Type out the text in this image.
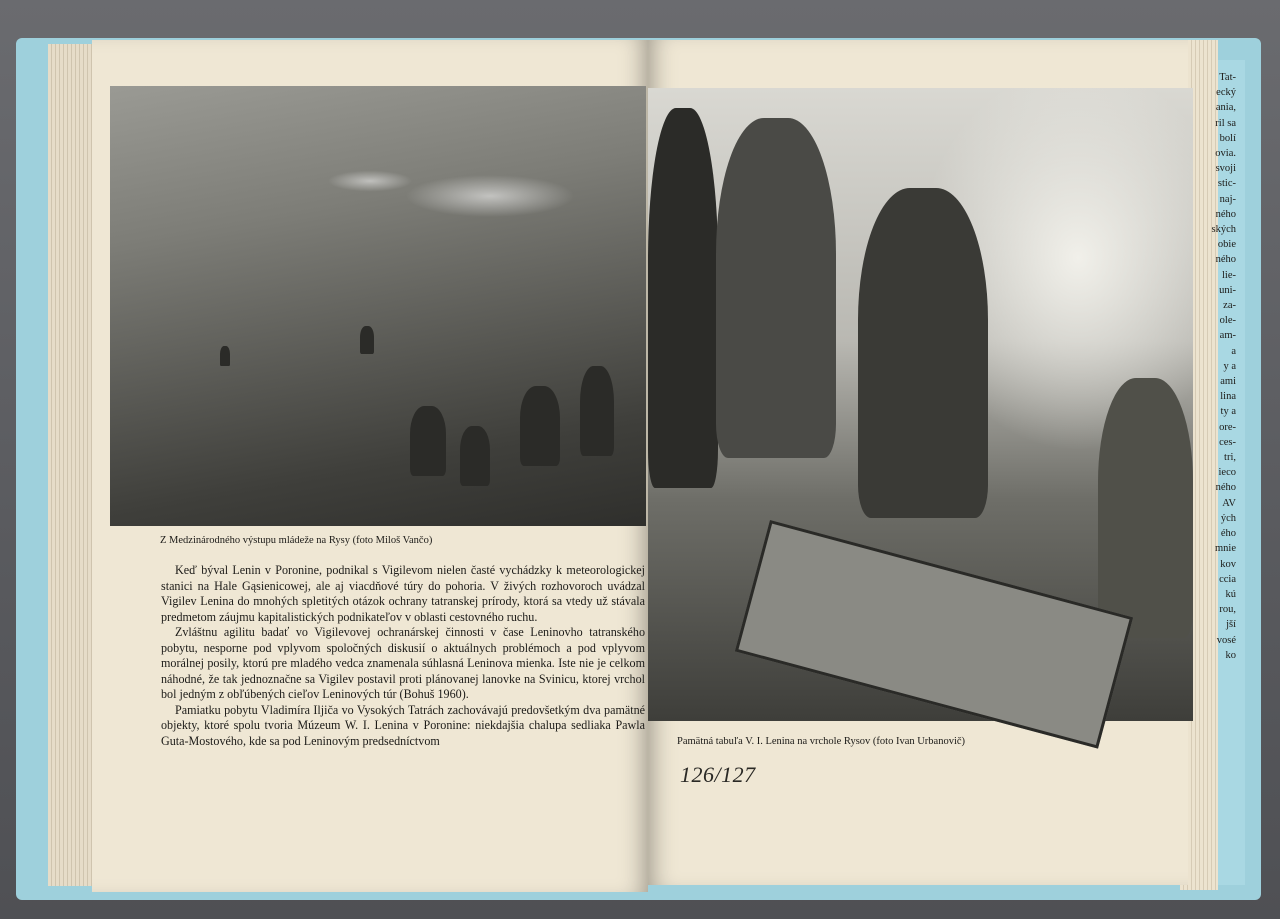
Z Medzinárodného výstupu mládeže na Rysy (foto Miloš Vančo)

Keď býval Lenin v Poronine, podnikal s Vigilevom nielen časté vychádzky k meteorologickej stanici na Hale Gąsienicowej, ale aj viacdňové túry do pohoria. V živých rozhovoroch uvádzal Vigilev Lenina do mnohých spletitých otázok ochrany tatranskej prírody, ktorá sa vtedy už stávala predmetom záujmu kapitalistických podnikateľov v oblasti cestovného ruchu.

Zvláštnu agilitu badať vo Vigilevovej ochranárskej činnosti v čase Leninovho tatranského pobytu, nesporne pod vplyvom spoločných diskusií o aktuálnych problémoch a pod vplyvom morálnej posily, ktorú pre mladého vedca znamenala súhlasná Leninova mienka. Iste nie je celkom náhodné, že tak jednoznačne sa Vigilev postavil proti plánovanej lanovke na Svinicu, ktorej vrchol bol jedným z obľúbených cieľov Leninových túr (Bohuš 1960).

Pamiatku pobytu Vladimíra Iljiča vo Vysokých Tatrách zachovávajú predovšetkým dva pamätné objekty, ktoré spolu tvoria Múzeum W. I. Lenina v Poronine: niekdajšia chalupa sedliaka Pawla Guta-Mostového, kde sa pod Leninovým predsedníctvom	Pamätná tabuľa V. I. Lenina na vrchole Rysov (foto Ivan Urbanovič)
126/127
Tat-
ecký
ania,
ril sa
bolí
ovia.
svoji
stic-
naj-
ného
ských
obie
ného
lie-
uni-
za-
ole-
am-
a
y a
ami
lina
ty a
ore-
ces-
tri,
ieco
ného
AV
ých
ého
mnie
kov
ccia
kú
rou,
jší
vosé
ko
